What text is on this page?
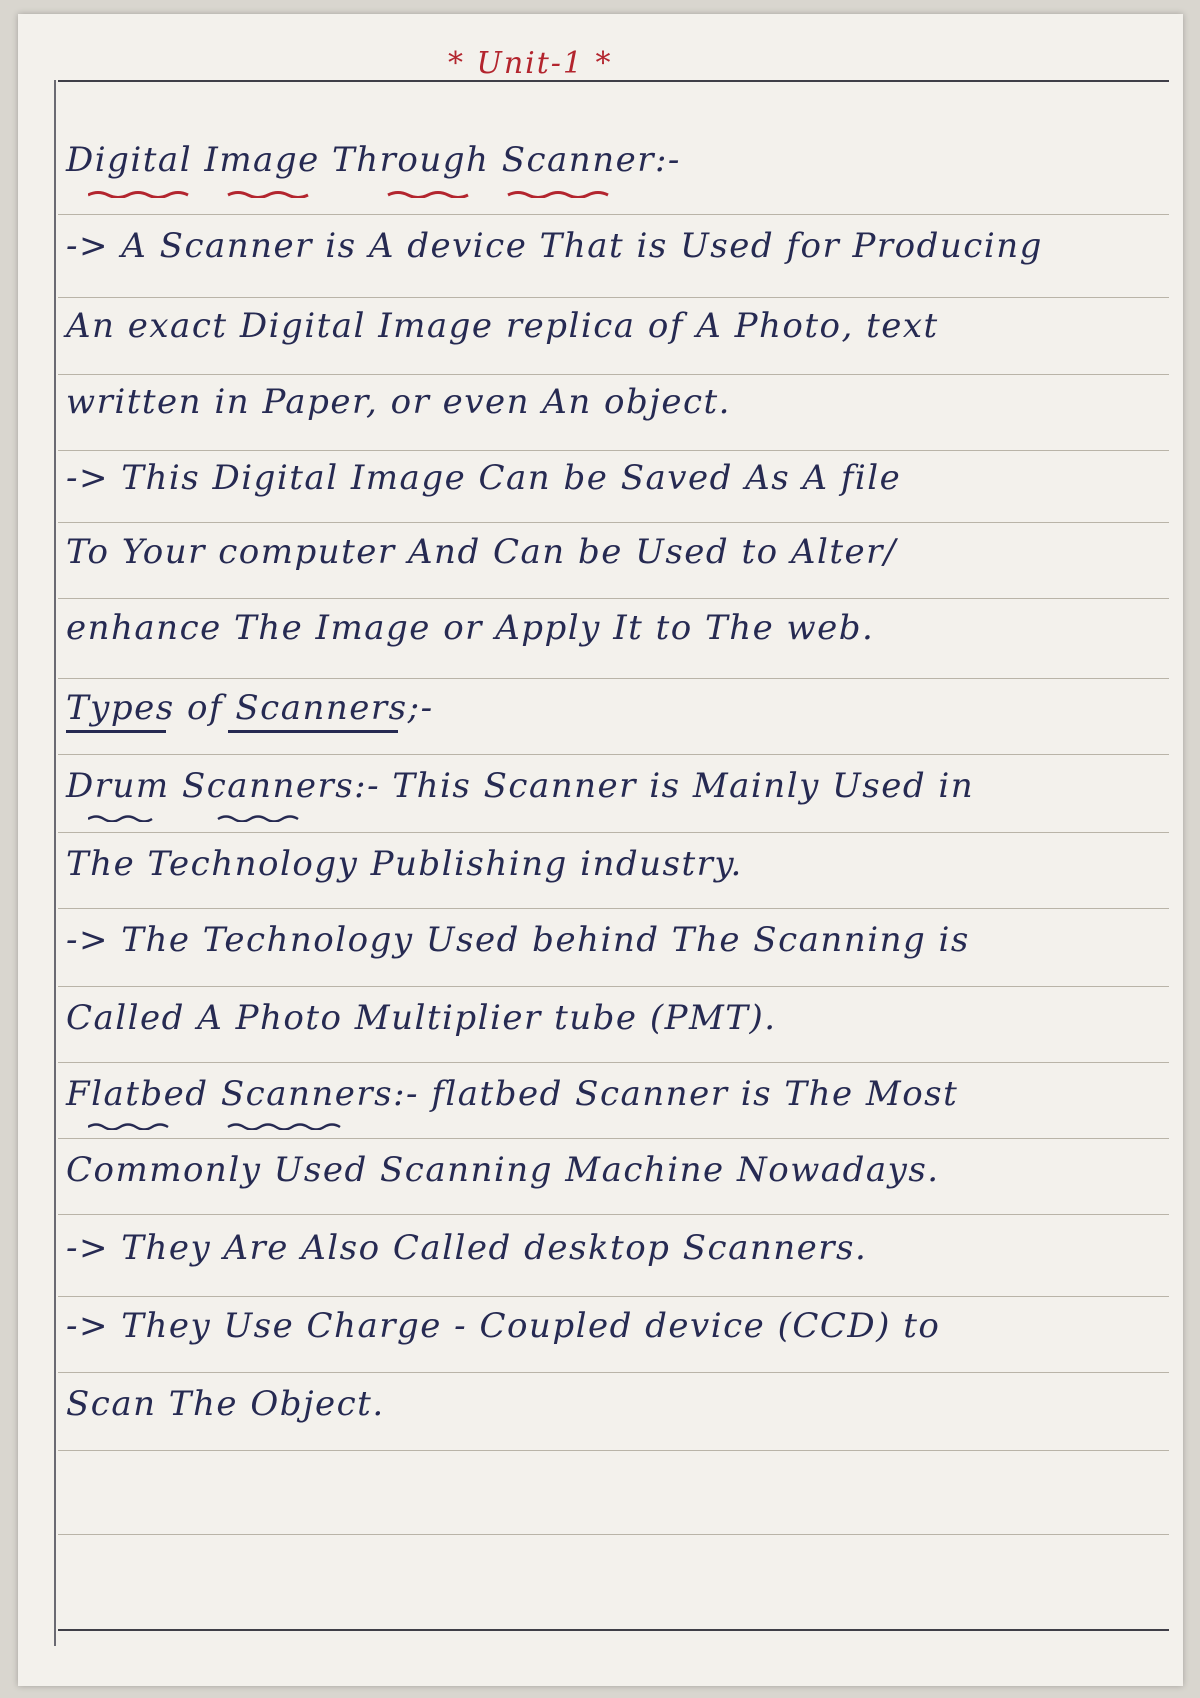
* Unit-1 *
Digital Image Through Scanner:-
-> A Scanner is A device That is Used for Producing
An exact Digital Image replica of A Photo, text
written in Paper, or even An object.
-> This Digital Image Can be Saved As A file
To Your computer And Can be Used to Alter/
enhance The Image or Apply It to The web.
Types of Scanners;-
Drum Scanners:- This Scanner is Mainly Used in
The Technology Publishing industry.
-> The Technology Used behind The Scanning is
Called A Photo Multiplier tube (PMT).
Flatbed Scanners:- flatbed Scanner is The Most
Commonly Used Scanning Machine Nowadays.
-> They Are Also Called desktop Scanners.
-> They Use Charge - Coupled device (CCD) to
Scan The Object.
